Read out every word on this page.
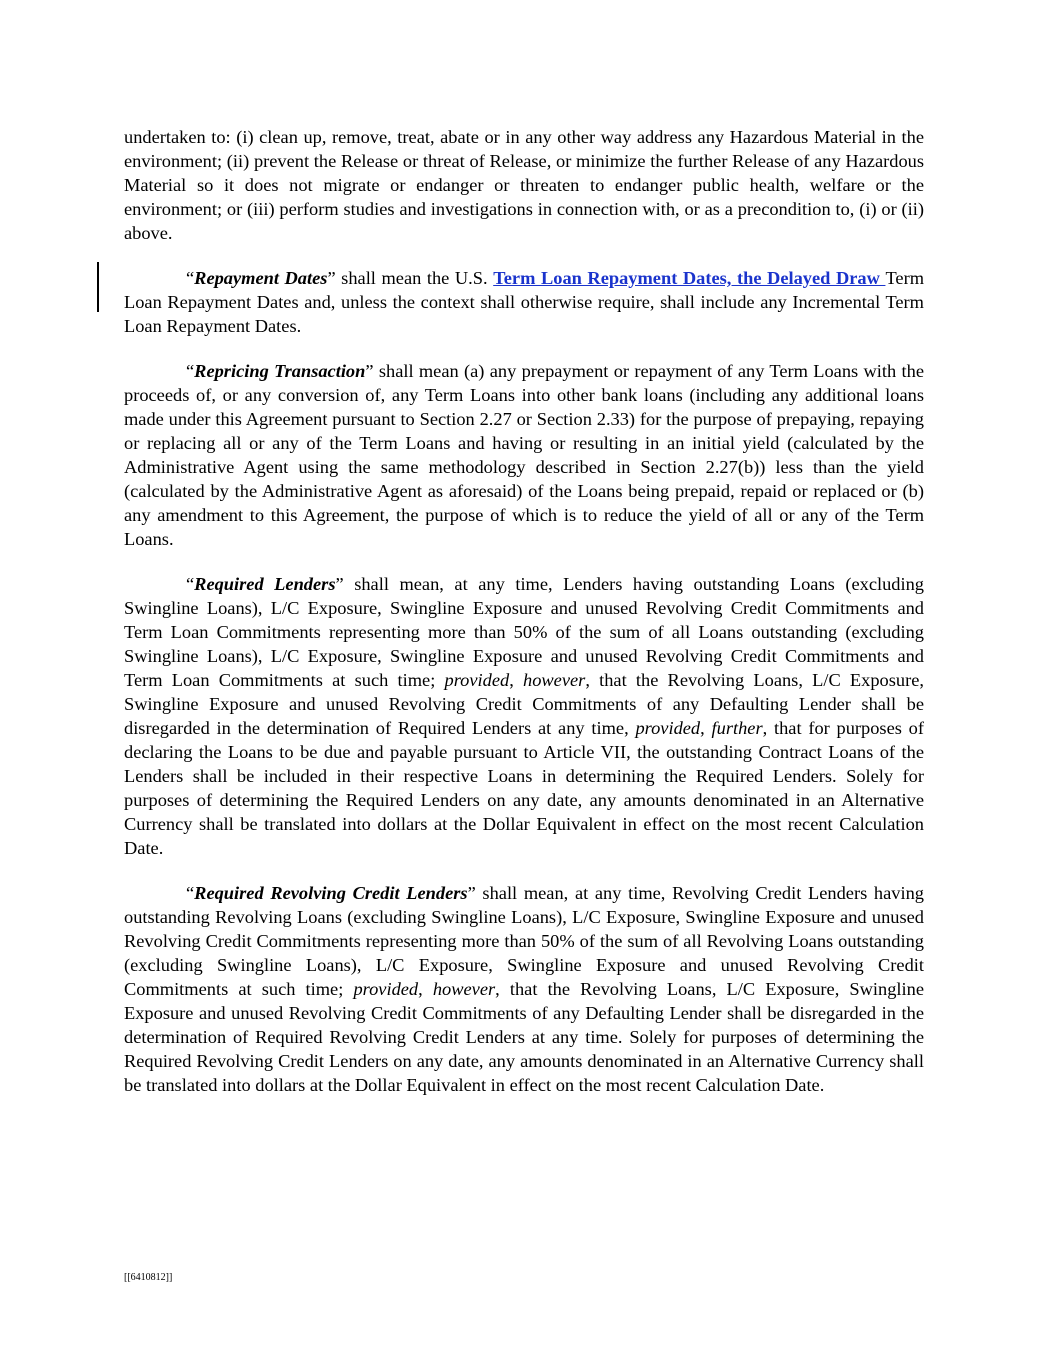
undertaken to: (i) clean up, remove, treat, abate or in any other way address any Hazardous Material in the environment; (ii) prevent the Release or threat of Release, or minimize the further Release of any Hazardous Material so it does not migrate or endanger or threaten to endanger public health, welfare or the environment; or (iii) perform studies and investigations in connection with, or as a precondition to, (i) or (ii) above.

“Repayment Dates” shall mean the U.S. Term Loan Repayment Dates, the Delayed Draw Term Loan Repayment Dates and, unless the context shall otherwise require, shall include any Incremental Term Loan Repayment Dates.

“Repricing Transaction” shall mean (a) any prepayment or repayment of any Term Loans with the proceeds of, or any conversion of, any Term Loans into other bank loans (including any additional loans made under this Agreement pursuant to Section 2.27 or Section 2.33) for the purpose of prepaying, repaying or replacing all or any of the Term Loans and having or resulting in an initial yield (calculated by the Administrative Agent using the same methodology described in Section 2.27(b)) less than the yield (calculated by the Administrative Agent as aforesaid) of the Loans being prepaid, repaid or replaced or (b) any amendment to this Agreement, the purpose of which is to reduce the yield of all or any of the Term Loans.

“Required Lenders” shall mean, at any time, Lenders having outstanding Loans (excluding Swingline Loans), L/C Exposure, Swingline Exposure and unused Revolving Credit Commitments and Term Loan Commitments representing more than 50% of the sum of all Loans outstanding (excluding Swingline Loans), L/C Exposure, Swingline Exposure and unused Revolving Credit Commitments and Term Loan Commitments at such time; provided, however, that the Revolving Loans, L/C Exposure, Swingline Exposure and unused Revolving Credit Commitments of any Defaulting Lender shall be disregarded in the determination of Required Lenders at any time, provided, further, that for purposes of declaring the Loans to be due and payable pursuant to Article VII, the outstanding Contract Loans of the Lenders shall be included in their respective Loans in determining the Required Lenders. Solely for purposes of determining the Required Lenders on any date, any amounts denominated in an Alternative Currency shall be translated into dollars at the Dollar Equivalent in effect on the most recent Calculation Date.

“Required Revolving Credit Lenders” shall mean, at any time, Revolving Credit Lenders having outstanding Revolving Loans (excluding Swingline Loans), L/C Exposure, Swingline Exposure and unused Revolving Credit Commitments representing more than 50% of the sum of all Revolving Loans outstanding (excluding Swingline Loans), L/C Exposure, Swingline Exposure and unused Revolving Credit Commitments at such time; provided, however, that the Revolving Loans, L/C Exposure, Swingline Exposure and unused Revolving Credit Commitments of any Defaulting Lender shall be disregarded in the determination of Required Revolving Credit Lenders at any time. Solely for purposes of determining the Required Revolving Credit Lenders on any date, any amounts denominated in an Alternative Currency shall be translated into dollars at the Dollar Equivalent in effect on the most recent Calculation Date.

[[6410812]]
